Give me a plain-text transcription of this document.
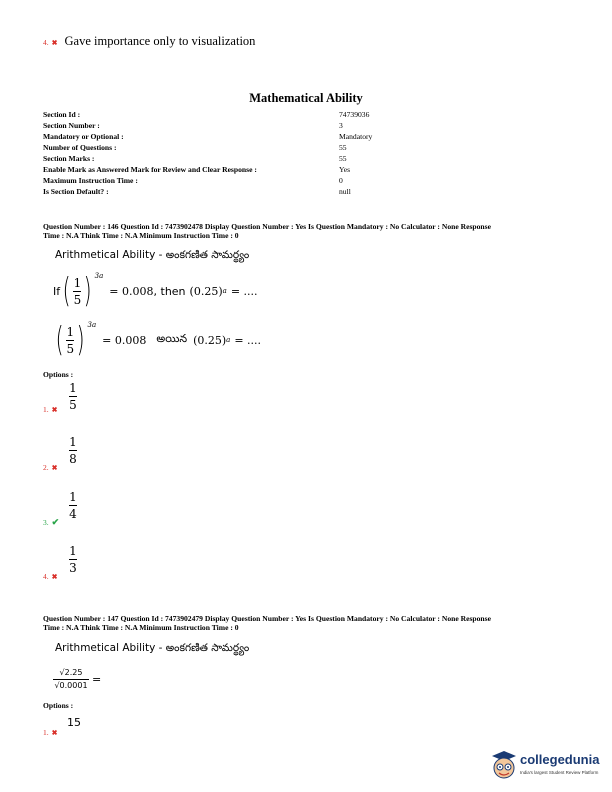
4. ✖ Gave importance only to visualization
Mathematical Ability
Section Id :	74739036
Section Number :	3
Mandatory or Optional :	Mandatory
Number of Questions :	55
Section Marks :	55
Enable Mark as Answered Mark for Review and Clear Response :	Yes
Maximum Instruction Time :	0
Is Section Default? :	null
Question Number : 146 Question Id : 7473902478 Display Question Number : Yes Is Question Mandatory : No Calculator : None Response
Time : N.A Think Time : N.A Minimum Instruction Time : 0
Arithmetical Ability - అంకగణిత సామర్థ్యం
If ( $\frac{1}{5}$ ) $^{3a}$
= 0.008 , then (0.25) a = ....
( $\frac{1}{5}$ ) $^{3a}$
= 0.008 అయిన (0.25) a = ....
Options :
1
5
1. ✖
1
8
2. ✖
1
4
3. ✔
1
3
4. ✖
Question Number : 147 Question Id : 7473902479 Display Question Number : Yes Is Question Mandatory : No Calculator : None Response
Time : N.A Think Time : N.A Minimum Instruction Time : 0
Arithmetical Ability - అంకగణిత సామర్థ్యం
√2.25
√0.0001 =
Options :
15
1. ✖
collegedunia
India's largest Student Review Platform
